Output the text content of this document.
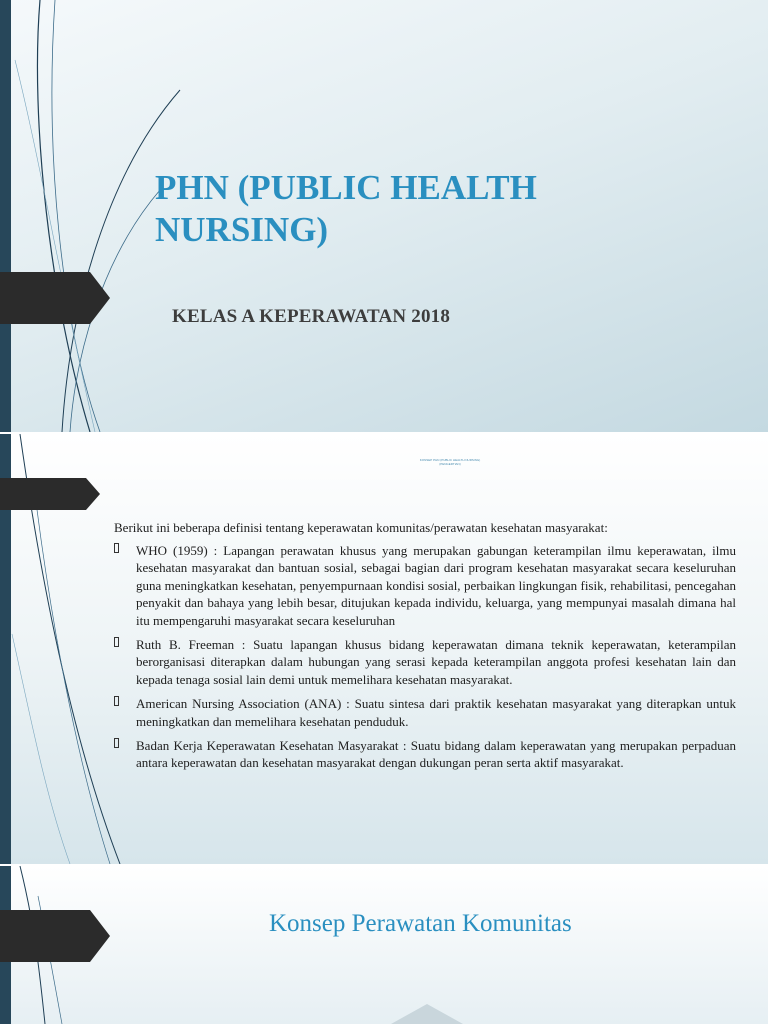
PHN (PUBLIC HEALTH NURSING)
KELAS A KEPERAWATAN 2018
KONSEP PHN (PUBLIC HEALTH NURSING)
(PENGERTIAN)

Berikut ini beberapa definisi tentang keperawatan komunitas/perawatan kesehatan masyarakat:

WHO (1959) : Lapangan perawatan khusus yang merupakan gabungan keterampilan ilmu keperawatan, ilmu kesehatan masyarakat dan bantuan sosial, sebagai bagian dari program kesehatan masyarakat secara keseluruhan guna meningkatkan kesehatan, penyempurnaan kondisi sosial, perbaikan lingkungan fisik, rehabilitasi, pencegahan penyakit dan bahaya yang lebih besar, ditujukan kepada individu, keluarga, yang mempunyai masalah dimana hal itu mempengaruhi masyarakat secara keseluruhan
Ruth B. Freeman : Suatu lapangan khusus bidang keperawatan dimana teknik keperawatan, keterampilan berorganisasi diterapkan dalam hubungan yang serasi kepada keterampilan anggota profesi kesehatan lain dan kepada tenaga sosial lain demi untuk memelihara kesehatan masyarakat.
American Nursing Association (ANA) : Suatu sintesa dari praktik kesehatan masyarakat yang diterapkan untuk meningkatkan dan memelihara kesehatan penduduk.
Badan Kerja Keperawatan Kesehatan Masyarakat : Suatu bidang dalam keperawatan yang merupakan perpaduan antara keperawatan dan kesehatan masyarakat dengan dukungan peran serta aktif masyarakat.
Konsep Perawatan Komunitas
